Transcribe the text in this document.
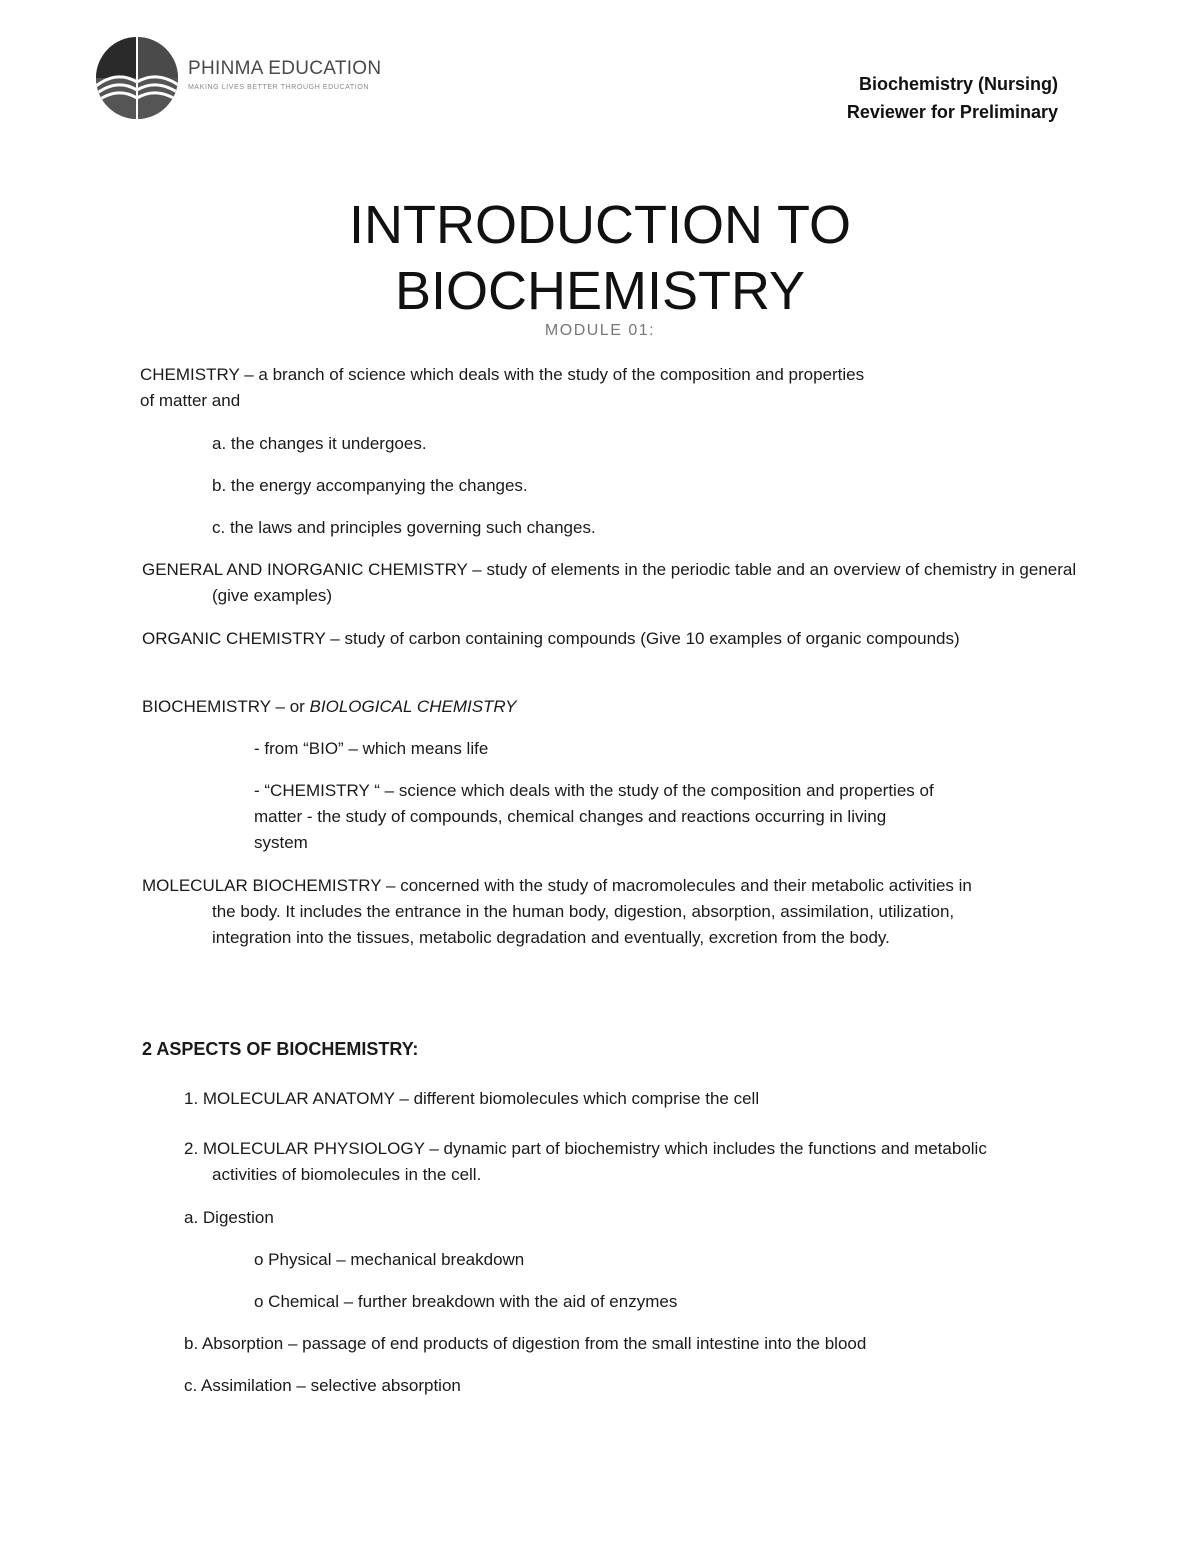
PHINMA EDUCATION
MAKING LIVES BETTER THROUGH EDUCATION	Biochemistry (Nursing)
Reviewer for Preliminary
INTRODUCTION TO
BIOCHEMISTRY
MODULE 01:
CHEMISTRY – a branch of science which deals with the study of the composition and properties
of matter and
a. the changes it undergoes.
b. the energy accompanying the changes.
c. the laws and principles governing such changes.
GENERAL AND INORGANIC CHEMISTRY – study of elements in the periodic table and an overview of chemistry in general (give examples)
ORGANIC CHEMISTRY – study of carbon containing compounds (Give 10 examples of organic compounds)
BIOCHEMISTRY – or BIOLOGICAL CHEMISTRY
- from “BIO” – which means life
- “CHEMISTRY “ – science which deals with the study of the composition and properties of matter - the study of compounds, chemical changes and reactions occurring in living system
MOLECULAR BIOCHEMISTRY – concerned with the study of macromolecules and their metabolic activities in the body. It includes the entrance in the human body, digestion, absorption, assimilation, utilization, integration into the tissues, metabolic degradation and eventually, excretion from the body.
2 ASPECTS OF BIOCHEMISTRY:
1. MOLECULAR ANATOMY – different biomolecules which comprise the cell
2. MOLECULAR PHYSIOLOGY – dynamic part of biochemistry which includes the functions and metabolic activities of biomolecules in the cell.
a. Digestion
o Physical – mechanical breakdown
o Chemical – further breakdown with the aid of enzymes
b. Absorption – passage of end products of digestion from the small intestine into the blood
c. Assimilation – selective absorption
